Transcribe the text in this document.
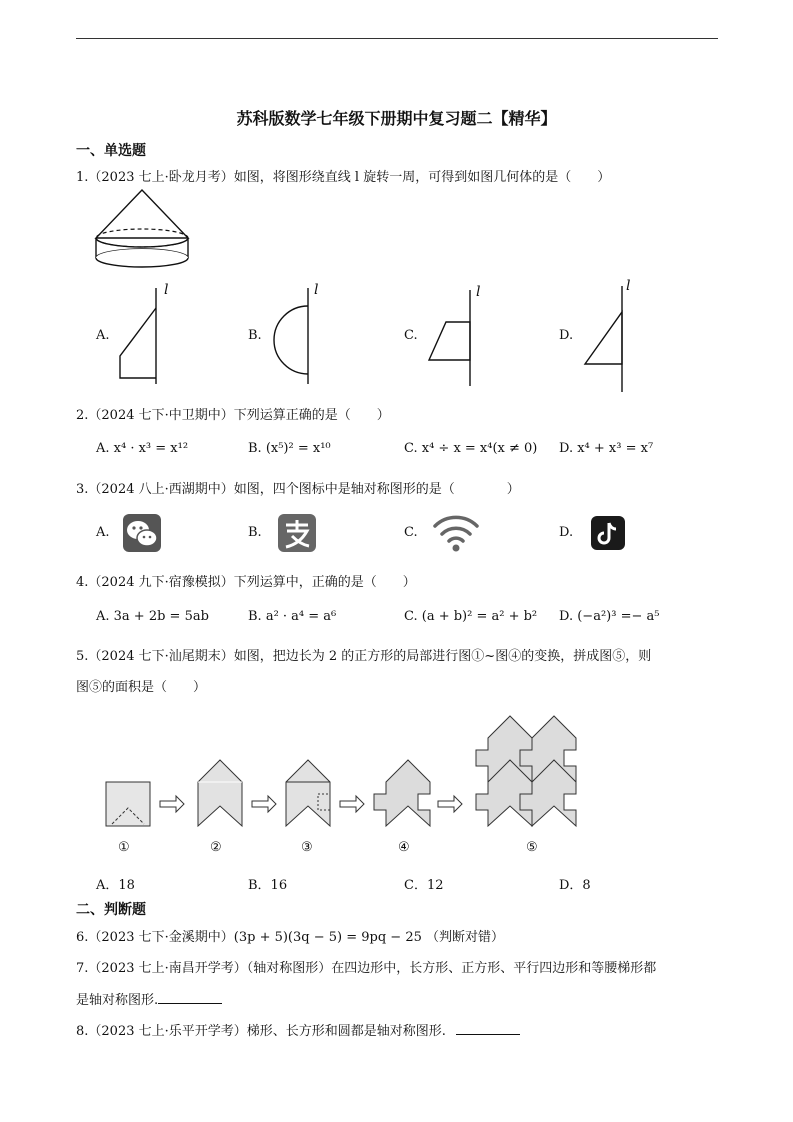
苏科版数学七年级下册期中复习题二【精华】
一、单选题
1.（2023 七上·卧龙月考）如图，将图形绕直线 l 旋转一周，可得到如图几何体的是（　　）
A.
l
B.
l
C.
l
D.
l
2.（2024 七下·中卫期中）下列运算正确的是（　　）
A. x⁴ · x³ = x¹²	B. (x⁵)² = x¹⁰	C. x⁴ ÷ x = x⁴(x ≠ 0) D. x⁴ + x³ = x⁷
3.（2024 八上·西湖期中）如图，四个图标中是轴对称图形的是（　　　　）
A.	B.	C.	D.
4.（2024 九下·宿豫模拟）下列运算中，正确的是（　　）
A. 3a + 2b = 5ab	B. a² · a⁴ = a⁶	C. (a + b)² = a² + b² D. (−a²)³ =− a⁵
5.（2024 七下·汕尾期末）如图，把边长为 2 的正方形的局部进行图①~图④的变换，拼成图⑤，则
图⑤的面积是（　　）
①	②	③	④	⑤
A．18	B．16	C．12	D．8
二、判断题
6.（2023 七下·金溪期中）(3p + 5)(3q − 5) = 9pq − 25 （判断对错）
7.（2023 七上·南昌开学考）（轴对称图形）在四边形中，长方形、正方形、平行四边形和等腰梯形都
是轴对称图形.
8.（2023 七上·乐平开学考）梯形、长方形和圆都是轴对称图形.
